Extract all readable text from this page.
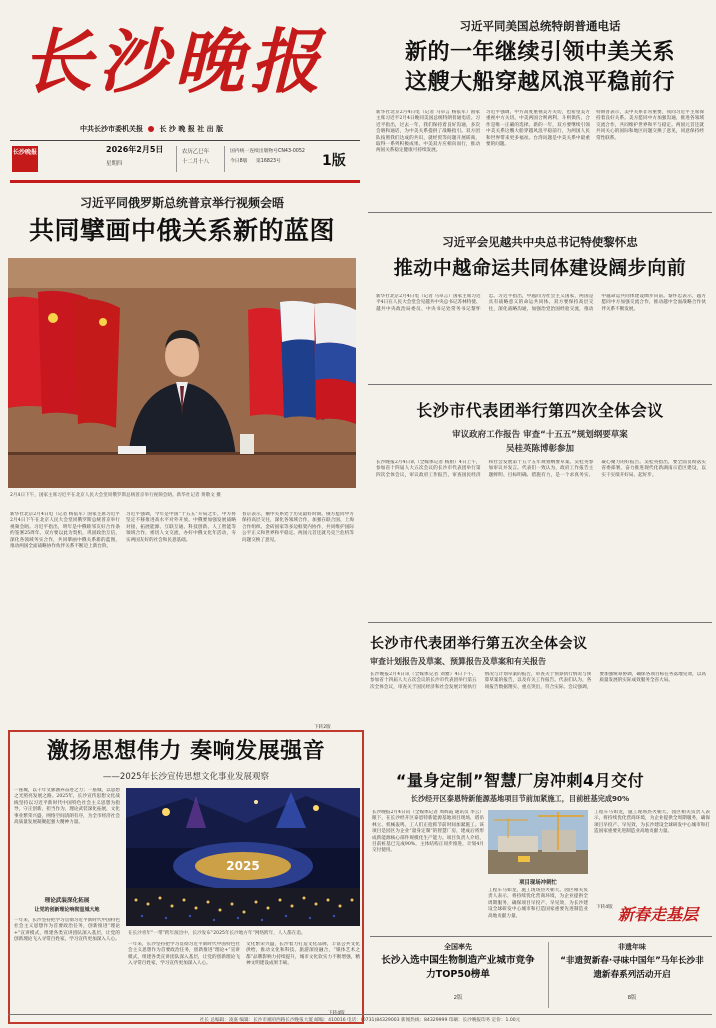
长沙晚报
中共长沙市委机关报 长 沙 晚 报 社 出 版
长沙晚报	2026年2月5日
星期四
农历乙巳年
十二月十八
国内统一连续出版物号CN43-0052
今日8版 第16823号	1版
习近平同美国总统特朗普通电话
新的一年继续引领中美关系
这艘大船穿越风浪平稳前行
新华社北京2月4日电（记者 马卓言 杨依军）国家主席习近平2月4日晚同美国总统特朗普通电话。习近平指出，过去一年，我们保持着良好沟通，多次会晤和通话，为中美关系提供了战略指引。双方团队按照我们达成的共识，就经贸等问题开展磋商，取得一系列积极成果。中美双方应相向而行，推动两国关系稳定健康可持续发展。
习近平强调，中方高度重视美方关切，也希望美方重视中方关切。中美两国合则两利、斗则俱伤，合作是唯一正确的选择。新的一年，双方要继续引领中美关系这艘大船穿越风浪平稳前行，为两国人民和世界带来更多福祉。台湾问题是中美关系中最重要的问题。
特朗普表示，美中关系非常重要，我同习近平主席保持着良好关系。美方愿同中方加强沟通，推进各领域交流合作，共同维护世界和平与稳定。两国元首还就共同关心的国际和地区问题交换了意见，同意保持经常性联系。
习近平同俄罗斯总统普京举行视频会晤
共同擘画中俄关系新的蓝图
2月4日下午，国家主席习近平在北京人民大会堂同俄罗斯总统普京举行视频会晤。新华社记者 黄敬文 摄
新华社北京2月4日电（记者 杨依军）国家主席习近平2月4日下午在北京人民大会堂同俄罗斯总统普京举行视频会晤。习近平指出，明年是中俄睦邻友好合作条约签署25周年。双方要以此为契机，巩固政治互信，深化各领域务实合作，共同擘画中俄关系新的蓝图，推动两国全面战略协作伙伴关系不断迈上新台阶。
习近平强调，今年是中国“十五五”开局之年，中方将坚定不移推进高水平对外开放。中俄要加强发展战略对接，拓展能源、互联互通、科技创新、人工智能等领域合作，密切人文交流，办好中俄文化年活动，夯实两国友好的社会和民意基础。
普京表示，俄中关系处于历史最好时期。俄方愿同中方保持高层交往，深化各领域合作，加强在联合国、上海合作组织、金砖国家等多边框架内协作，共同维护国际公平正义和世界和平稳定。两国元首还就乌克兰危机等问题交换了意见。
下转2版
习近平会见越共中央总书记特使黎怀忠
推动中越命运共同体建设阔步向前
新华社北京2月4日电（记者 马卓言）国家主席习近平4日在人民大会堂会见越共中央总书记苏林特使、越共中央政治局委员、中央书记处常务书记黎怀忠。习近平指出，中越同为社会主义国家，两国是具有战略意义的命运共同体。双方要保持高层交往，深化战略沟通，加强治党治国经验交流，推动中越命运共同体建设阔步向前。黎怀忠表示，越方愿同中方加强交流合作，推动越中全面战略合作伙伴关系不断发展。
长沙市代表团举行第四次全体会议
审议政府工作报告 审查“十五五”规划纲要草案
吴桂英陈博彰参加
长沙晚报2月4日讯（全媒体记者 杨蔚）4日上午，参加省十四届人大五次会议的长沙市代表团举行第四次全体会议，审议政府工作报告，审查国民经济和社会发展第十五个五年规划纲要草案。吴桂英参加审议并发言。代表们一致认为，政府工作报告主题鲜明、目标明确、措施有力，是一个求真务实、凝心聚力的好报告。吴桂英指出，要全面贯彻落实省委部署，奋力推进现代化新湖南示范区建设，以实干实绩开好局、起好步。
长沙市代表团举行第五次全体会议
审查计划报告及草案、预算报告及草案和有关报告
长沙晚报2月4日讯（全媒体记者 刘雅）4日下午，参加省十四届人大五次会议的长沙市代表团举行第五次全体会议，审查关于国民经济和社会发展计划执行情况与计划草案的报告，审查关于预算执行情况与预算草案的报告，以及有关工作报告。代表们认为，各项报告数据翔实、重点突出，符合实际。会议强调，要加强统筹协调，确保各项目标任务落地见效，以高质量发展的实际成效服务全省大局。
激扬思想伟力 奏响发展强音
——2025年长沙宣传思想文化事业发展观察
一座城，以千年文脉涵养奋进之力；一座城，以思想之光照亮发展之路。2025年，长沙宣传思想文化战线坚持以习近平新时代中国特色社会主义思想为指导，守正创新、担当作为，理论武装深化拓展，文化事业繁荣兴盛，网络空间清朗有序，为全市经济社会高质量发展凝聚起强大精神力量。
理论武装深化拓展
让党的创新理论响彻星城大地
一年来，长沙坚持把学习贯彻习近平新时代中国特色社会主义思想作为首要政治任务，创新推进“理论+”宣讲模式，组建各类宣讲团队深入基层，让党的创新理论飞入寻常百姓家，学习宣传更加深入人心。
2025
在长沙青年“一带”跨年演出中，长沙发布“2025年长沙地方年”网络跨年，人人都在追。
一年来，长沙坚持把学习贯彻习近平新时代中国特色社会主义思想作为首要政治任务，创新推进“理论+”宣讲模式，组建各类宣讲团队深入基层，让党的创新理论飞入寻常百姓家，学习宣传更加深入人心。
文化繁荣兴盛，长沙着力打造文化品牌，丰富公共文化供给，推动文化和科技、旅游深度融合，“媒体艺术之都”品牌影响力持续提升，城市文化软实力不断增强，精神文明建设成果丰硕。
“量身定制”智慧厂房冲刺4月交付
长沙经开区泰恩特新能源基地项目节前加紧施工，目前桩基完成90%
长沙晚报2月4日讯（全媒体记者 周辉霞 通讯员 李云）眼下，在长沙经开区泰恩特新能源基地项目现场，塔吊林立、机械轰鸣，工人们正抢抓节前时间加紧施工。该项目是园区为企业“量身定制”的智慧厂房，建成后将形成新能源核心部件规模化生产能力。项目负责人介绍，目前桩基已完成90%，主体结构正同步推进，计划4月交付使用。
项目现场冲刺忙
工程车马如龙，施工现场热火朝天。园区相关负责人表示，将持续优化营商环境，为企业提供全周期服务，确保项目早投产、早见效，为长沙建设全球研发中心城市和打造国家重要先进制造业高地贡献力量。
工程车马如龙，施工现场热火朝天。园区相关负责人表示，将持续优化营商环境，为企业提供全周期服务，确保项目早投产、早见效，为长沙建设全球研发中心城市和打造国家重要先进制造业高地贡献力量。
新春走基层
下转4版
全国率先
长沙入选中国生物制造产业城市竞争力TOP50榜单
2版
非遗年味
“非遗贺新春·寻味中国年”马年长沙非遗新春系列活动开启
8版
社长 总编辑：凌嘉 编辑：长沙市湘府西路长沙晚报大厦 邮编：410016 电话：(0731)84329003 新闻热线：84329999 印刷：长沙晚报印务 定价：1.00元
